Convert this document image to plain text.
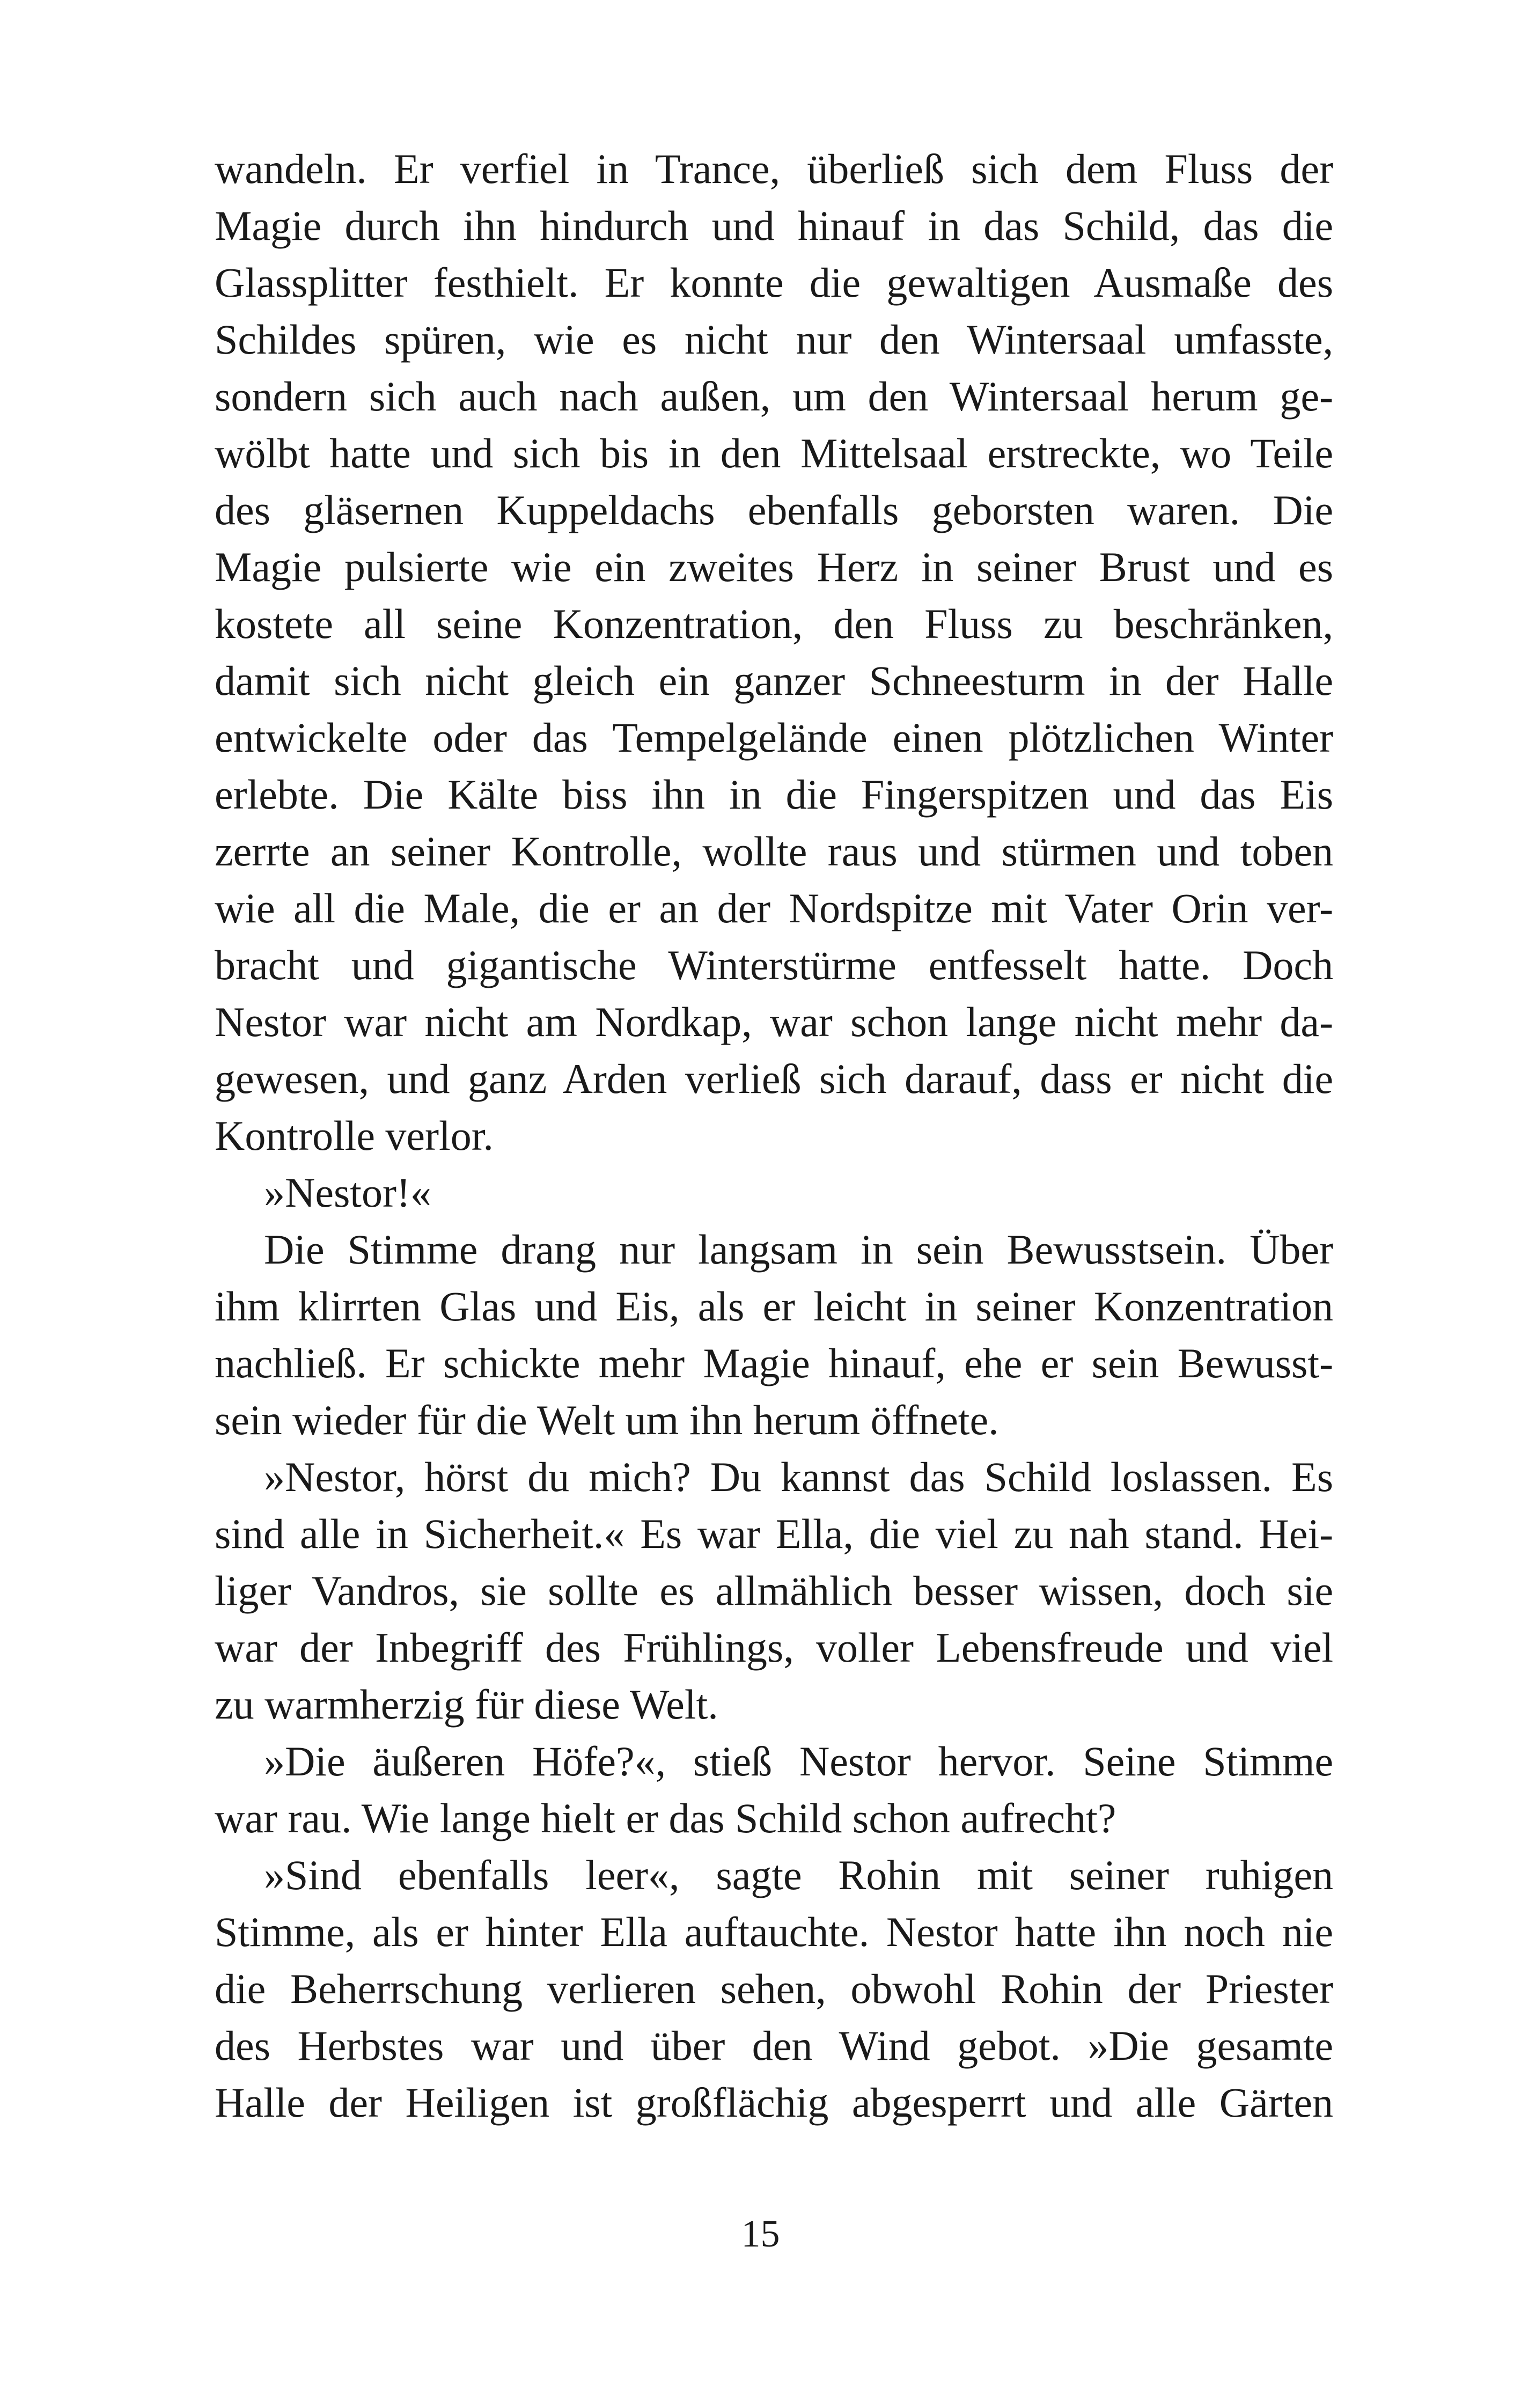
wandeln. Er verfiel in Trance, überließ sich dem Fluss der
Magie durch ihn hindurch und hinauf in das Schild, das die
Glassplitter festhielt. Er konnte die gewaltigen Ausmaße des
Schildes spüren, wie es nicht nur den Wintersaal umfasste,
sondern sich auch nach außen, um den Wintersaal herum ge-
wölbt hatte und sich bis in den Mittelsaal erstreckte, wo Teile
des gläsernen Kuppeldachs ebenfalls geborsten waren. Die
Magie pulsierte wie ein zweites Herz in seiner Brust und es
kostete all seine Konzentration, den Fluss zu beschränken,
damit sich nicht gleich ein ganzer Schneesturm in der Halle
entwickelte oder das Tempelgelände einen plötzlichen Winter
erlebte. Die Kälte biss ihn in die Fingerspitzen und das Eis
zerrte an seiner Kontrolle, wollte raus und stürmen und toben
wie all die Male, die er an der Nordspitze mit Vater Orin ver-
bracht und gigantische Winterstürme entfesselt hatte. Doch
Nestor war nicht am Nordkap, war schon lange nicht mehr da-
gewesen, und ganz Arden verließ sich darauf, dass er nicht die
Kontrolle verlor.
»Nestor!«
Die Stimme drang nur langsam in sein Bewusstsein. Über
ihm klirrten Glas und Eis, als er leicht in seiner Konzentration
nachließ. Er schickte mehr Magie hinauf, ehe er sein Bewusst-
sein wieder für die Welt um ihn herum öffnete.
»Nestor, hörst du mich? Du kannst das Schild loslassen. Es
sind alle in Sicherheit.« Es war Ella, die viel zu nah stand. Hei-
liger Vandros, sie sollte es allmählich besser wissen, doch sie
war der Inbegriff des Frühlings, voller Lebensfreude und viel
zu warmherzig für diese Welt.
»Die äußeren Höfe?«, stieß Nestor hervor. Seine Stimme
war rau. Wie lange hielt er das Schild schon aufrecht?
»Sind ebenfalls leer«, sagte Rohin mit seiner ruhigen
Stimme, als er hinter Ella auftauchte. Nestor hatte ihn noch nie
die Beherrschung verlieren sehen, obwohl Rohin der Priester
des Herbstes war und über den Wind gebot. »Die gesamte
Halle der Heiligen ist großflächig abgesperrt und alle Gärten
15
